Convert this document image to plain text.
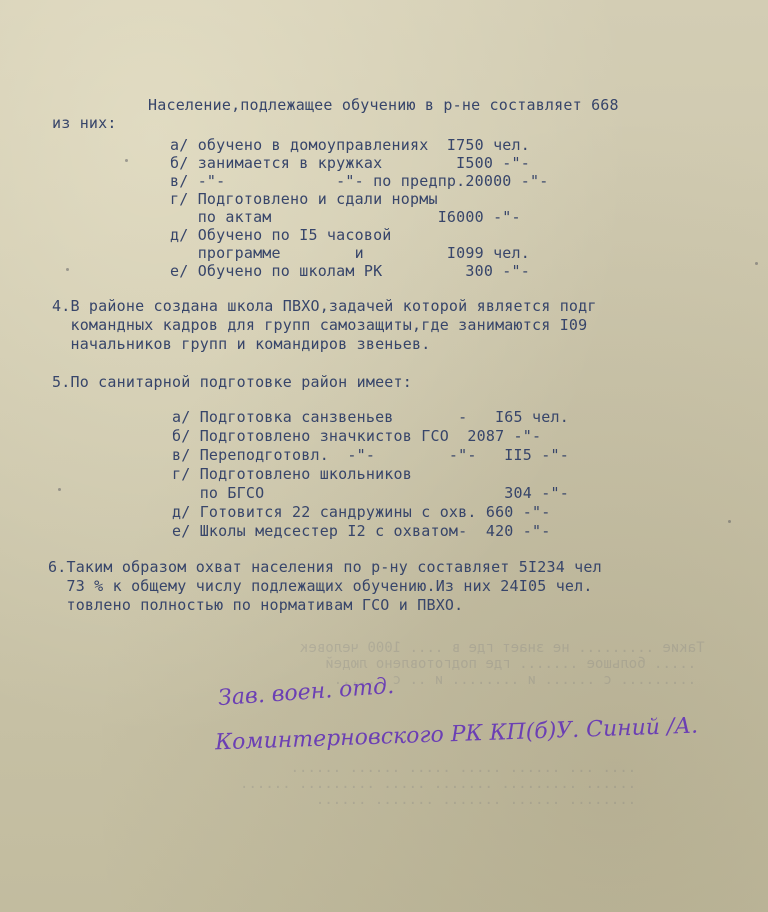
Такие ......... не знает где в .... 1000 человек
..... большое ....... где подготовлено людей
......... с ...... и ........ и .. с ......
.... ... ...... ..... ..... ...... ......
...... ......... ....... ..... ......... ......
........ ...... ....... ....... ......
Население,подлежащее обучению в р-не составляет 668
из них:
а/ обучено в домоуправлениях  I750 чел.
б/ занимается в кружках        I500 -"-
в/ -"-            -"- по предпр.20000 -"-
г/ Подготовлено и сдали нормы
по актам                  I6000 -"-
д/ Обучено по I5 часовой
программе        и         I099 чел.
е/ Обучено по школам РК         300 -"-
4.В районе создана школа ПВХО,задачей которой является подг
командных кадров для групп самозащиты,где занимаются I09
начальников групп и командиров звеньев.
5.По санитарной подготовке район имеет:
а/ Подготовка санзвеньев       -   I65 чел.
б/ Подготовлено значкистов ГСО  2087 -"-
в/ Переподготовл.  -"-        -"-   II5 -"-
г/ Подготовлено школьников
по БГСО                          304 -"-
д/ Готовится 22 сандружины с охв. 660 -"-
е/ Школы медсестер I2 с охватом-  420 -"-
6.Таким образом охват населения по р-ну составляет 5I234 чел
73 % к общему числу подлежащих обучению.Из них 24I05 чел.
товлено полностью по нормативам ГСО и ПВХО.
Зав. воен. отд.
Коминтерновского РК КП(б)У. Синий /А.
